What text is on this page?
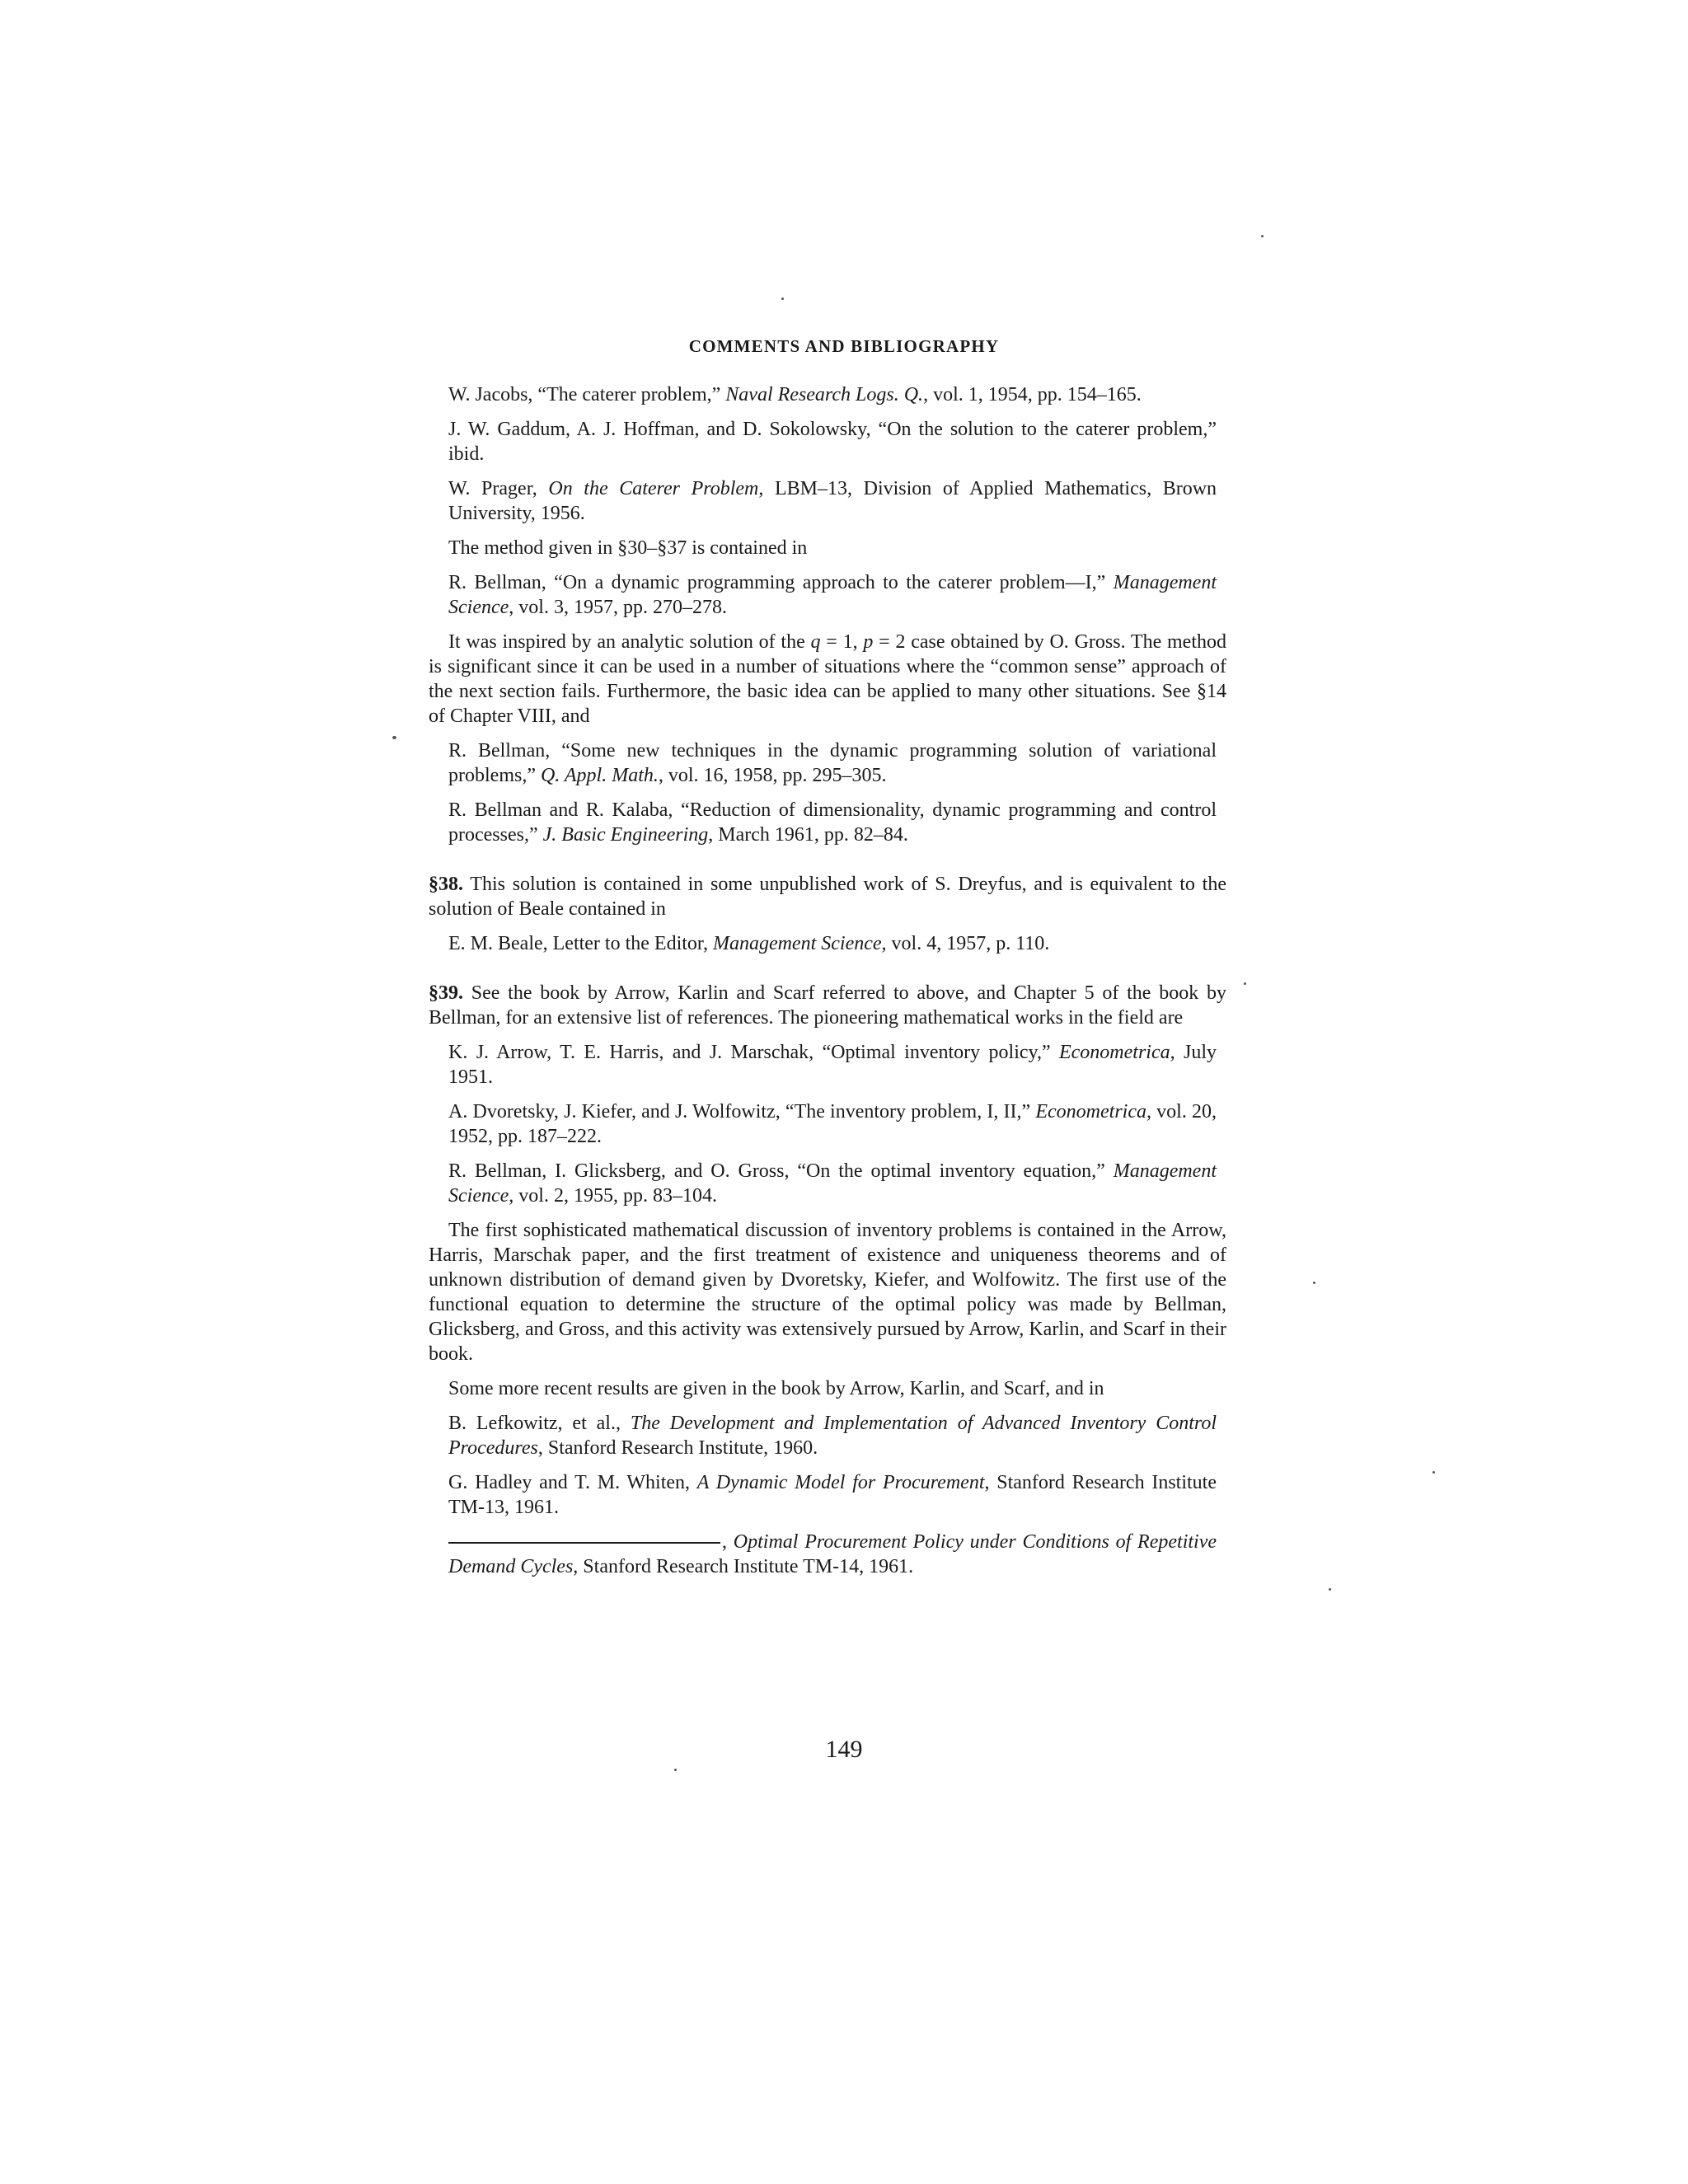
COMMENTS AND BIBLIOGRAPHY
W. Jacobs, “The caterer problem,” Naval Research Logs. Q., vol. 1, 1954, pp. 154–165.
J. W. Gaddum, A. J. Hoffman, and D. Sokolowsky, “On the solution to the caterer problem,” ibid.
W. Prager, On the Caterer Problem, LBM–13, Division of Applied Mathematics, Brown University, 1956.
The method given in §30–§37 is contained in
R. Bellman, “On a dynamic programming approach to the caterer problem—I,” Management Science, vol. 3, 1957, pp. 270–278.
It was inspired by an analytic solution of the q = 1, p = 2 case obtained by O. Gross. The method is significant since it can be used in a number of situations where the “common sense” approach of the next section fails. Furthermore, the basic idea can be applied to many other situations. See §14 of Chapter VIII, and
R. Bellman, “Some new techniques in the dynamic programming solution of variational problems,” Q. Appl. Math., vol. 16, 1958, pp. 295–305.
R. Bellman and R. Kalaba, “Reduction of dimensionality, dynamic programming and control processes,” J. Basic Engineering, March 1961, pp. 82–84.
§38. This solution is contained in some unpublished work of S. Dreyfus, and is equivalent to the solution of Beale contained in
E. M. Beale, Letter to the Editor, Management Science, vol. 4, 1957, p. 110.
§39. See the book by Arrow, Karlin and Scarf referred to above, and Chapter 5 of the book by Bellman, for an extensive list of references. The pioneering mathematical works in the field are
K. J. Arrow, T. E. Harris, and J. Marschak, “Optimal inventory policy,” Econometrica, July 1951.
A. Dvoretsky, J. Kiefer, and J. Wolfowitz, “The inventory problem, I, II,” Econometrica, vol. 20, 1952, pp. 187–222.
R. Bellman, I. Glicksberg, and O. Gross, “On the optimal inventory equation,” Management Science, vol. 2, 1955, pp. 83–104.
The first sophisticated mathematical discussion of inventory problems is contained in the Arrow, Harris, Marschak paper, and the first treatment of existence and uniqueness theorems and of unknown distribution of demand given by Dvoretsky, Kiefer, and Wolfowitz. The first use of the functional equation to determine the structure of the optimal policy was made by Bellman, Glicksberg, and Gross, and this activity was extensively pursued by Arrow, Karlin, and Scarf in their book.
Some more recent results are given in the book by Arrow, Karlin, and Scarf, and in
B. Lefkowitz, et al., The Development and Implementation of Advanced Inventory Control Procedures, Stanford Research Institute, 1960.
G. Hadley and T. M. Whiten, A Dynamic Model for Procurement, Stanford Research Institute TM-13, 1961.
, Optimal Procurement Policy under Conditions of Repetitive Demand Cycles, Stanford Research Institute TM-14, 1961.
149
